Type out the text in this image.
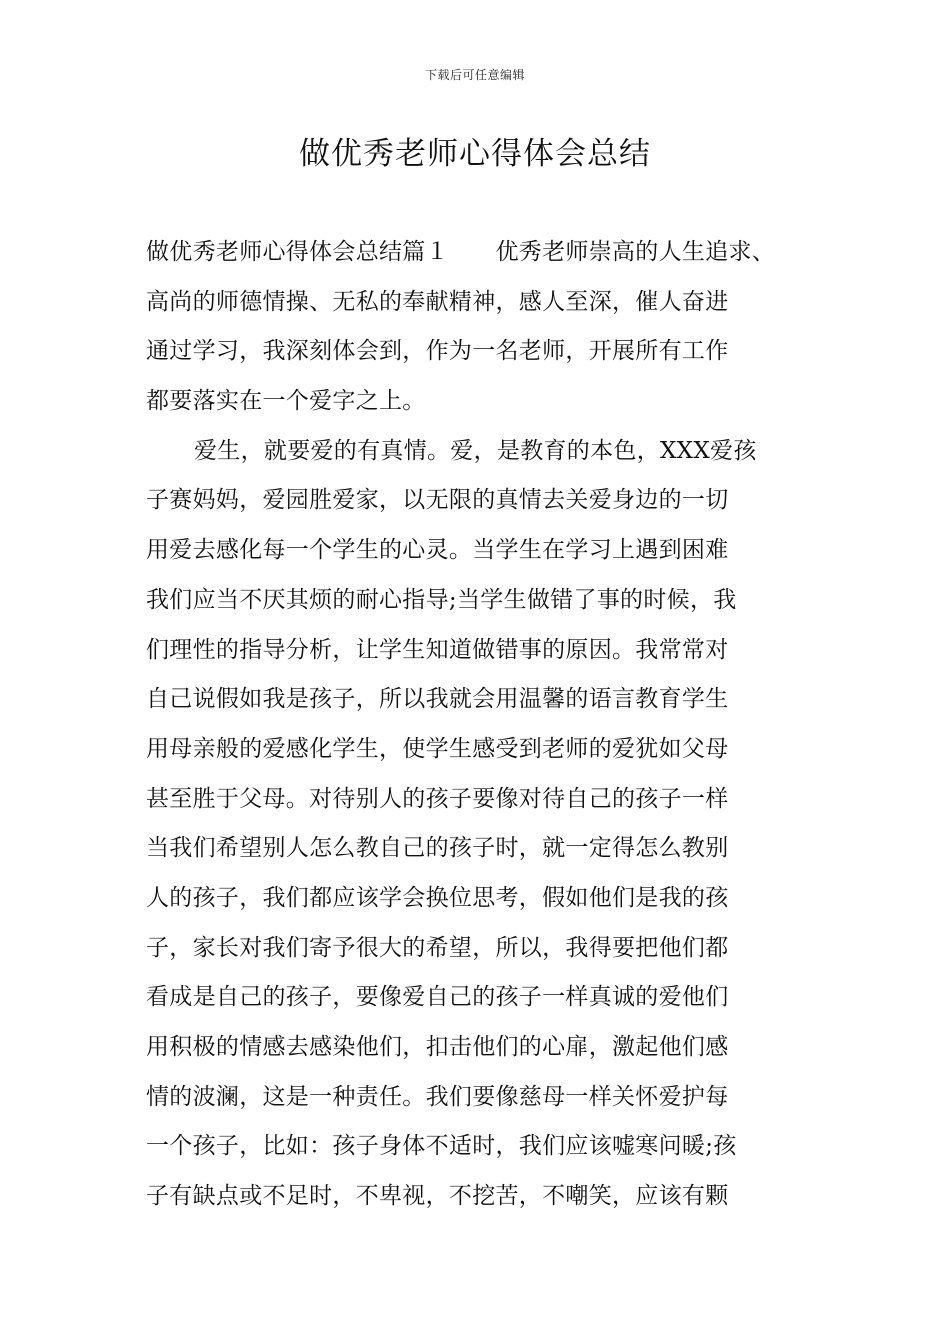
下载后可任意编辑
做优秀老师心得体会总结
做优秀老师心得体会总结篇１　　优秀老师崇高的人生追求、
高尚的师德情操、无私的奉献精神，感人至深，催人奋进
通过学习，我深刻体会到，作为一名老师，开展所有工作
都要落实在一个爱字之上。
爱生，就要爱的有真情。爱，是教育的本色，XXX爱孩
子赛妈妈，爱园胜爱家，以无限的真情去关爱身边的一切
用爱去感化每一个学生的心灵。当学生在学习上遇到困难
我们应当不厌其烦的耐心指导;当学生做错了事的时候，我
们理性的指导分析，让学生知道做错事的原因。我常常对
自己说假如我是孩子，所以我就会用温馨的语言教育学生
用母亲般的爱感化学生，使学生感受到老师的爱犹如父母
甚至胜于父母。对待别人的孩子要像对待自己的孩子一样
当我们希望别人怎么教自己的孩子时，就一定得怎么教别
人的孩子，我们都应该学会换位思考，假如他们是我的孩
子，家长对我们寄予很大的希望，所以，我得要把他们都
看成是自己的孩子，要像爱自己的孩子一样真诚的爱他们
用积极的情感去感染他们，扣击他们的心扉，激起他们感
情的波澜，这是一种责任。我们要像慈母一样关怀爱护每
一个孩子，比如：孩子身体不适时，我们应该嘘寒问暖;孩
子有缺点或不足时，不卑视，不挖苦，不嘲笑，应该有颗
